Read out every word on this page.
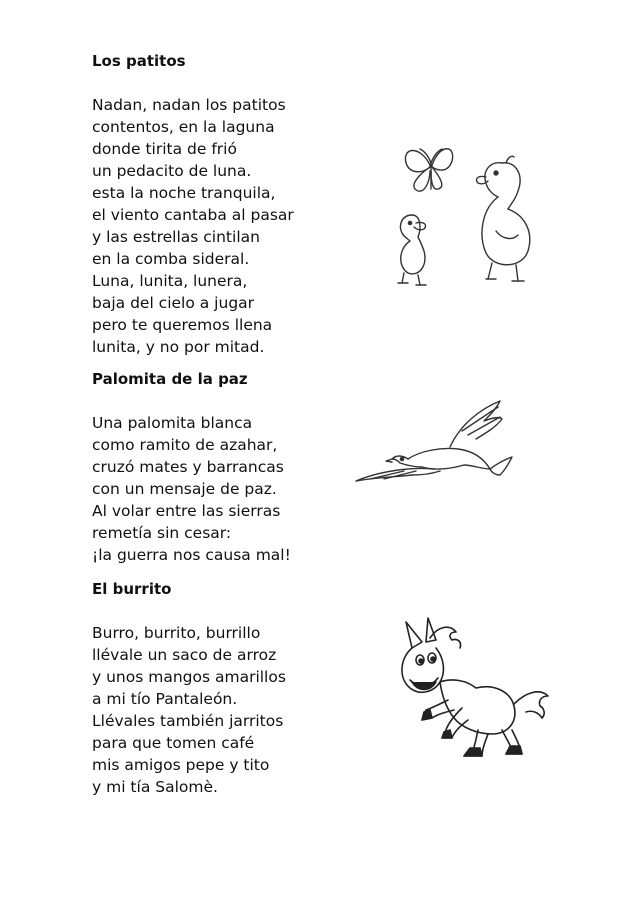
Los patitos
Nadan, nadan los patitos
contentos, en la laguna
donde tirita de frió
un pedacito de luna.
esta la noche tranquila,
el viento cantaba al pasar
y las estrellas cintilan
en la comba sideral.
Luna, lunita, lunera,
baja del cielo a jugar
pero te queremos llena
lunita, y no por mitad.
Palomita de la paz
Una palomita blanca
como ramito de azahar,
cruzó mates y barrancas
con un mensaje de paz.
Al volar entre las sierras
remetía sin cesar:
¡la guerra nos causa mal!
El burrito
Burro, burrito, burrillo
llévale un saco de arroz
y unos mangos amarillos
a mi tío Pantaleón.
Llévales también jarritos
para que tomen café
mis amigos pepe y tito
y mi tía Salomè.
